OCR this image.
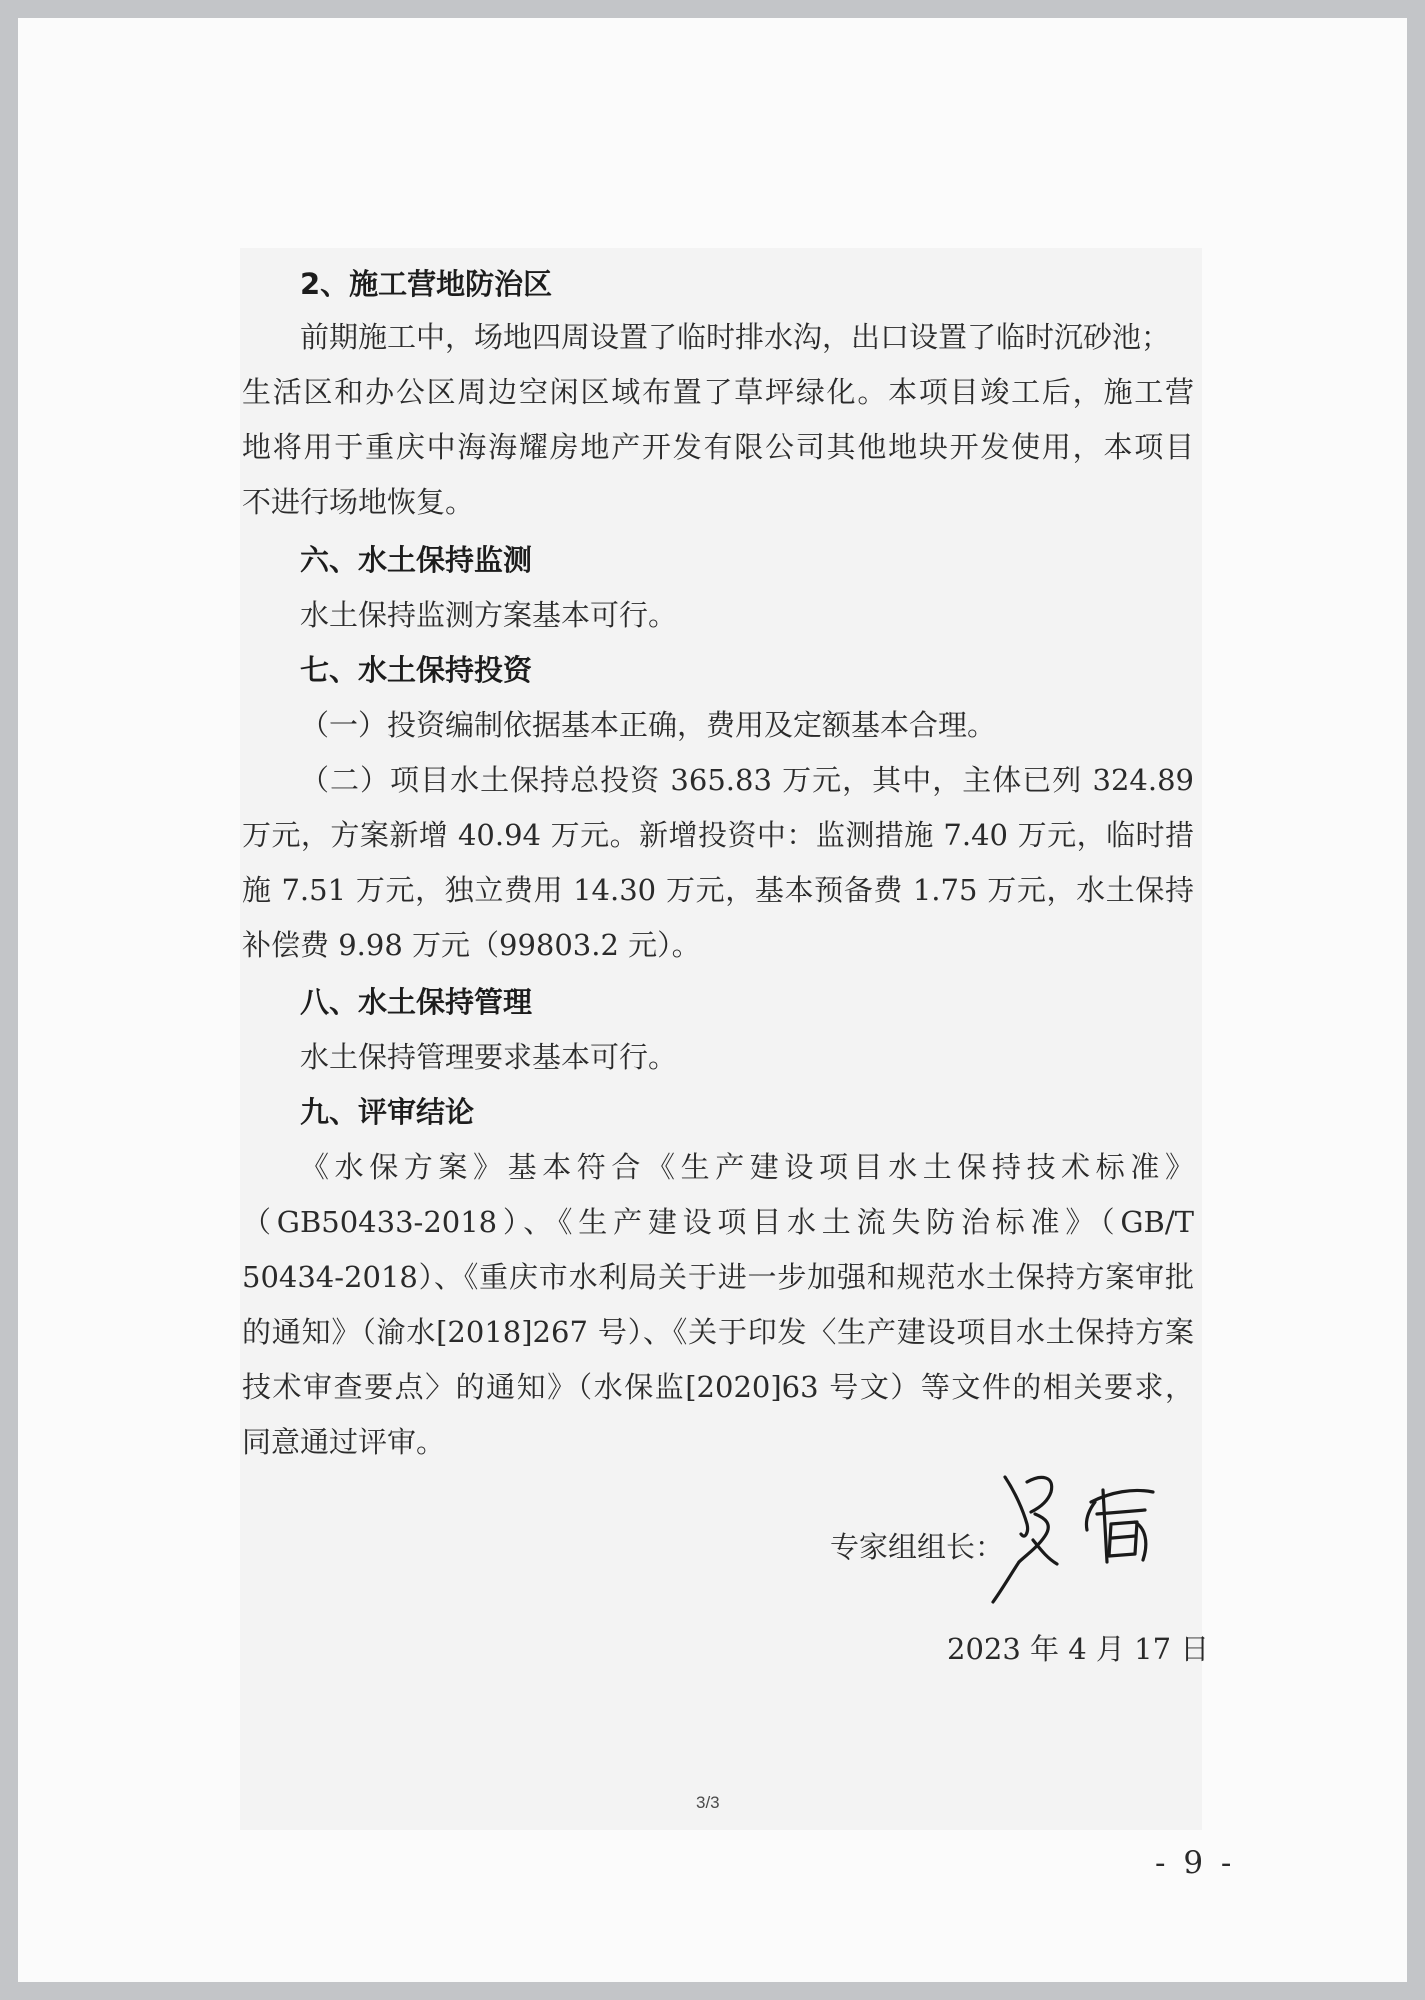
2、施工营地防治区
前期施工中，场地四周设置了临时排水沟，出口设置了临时沉砂池；
生活区和办公区周边空闲区域布置了草坪绿化。本项目竣工后，施工营
地将用于重庆中海海耀房地产开发有限公司其他地块开发使用，本项目
不进行场地恢复。
六、水土保持监测
水土保持监测方案基本可行。
七、水土保持投资
（一）投资编制依据基本正确，费用及定额基本合理。
（二）项目水土保持总投资 365.83 万元，其中，主体已列 324.89
万元，方案新增 40.94 万元。新增投资中：监测措施 7.40 万元，临时措
施 7.51 万元，独立费用 14.30 万元，基本预备费 1.75 万元，水土保持
补偿费 9.98 万元（99803.2 元）。
八、水土保持管理
水土保持管理要求基本可行。
九、评审结论
《水保方案》基本符合《生产建设项目水土保持技术标准》
（GB50433-2018）、《生产建设项目水土流失防治标准》（GB/T
50434-2018）、《重庆市水利局关于进一步加强和规范水土保持方案审批
的通知》（渝水[2018]267 号）、《关于印发〈生产建设项目水土保持方案
技术审查要点〉的通知》（水保监[2020]63 号文）等文件的相关要求，
同意通过评审。
专家组组长：
2023 年 4 月 17 日
3/3
- 9 -
